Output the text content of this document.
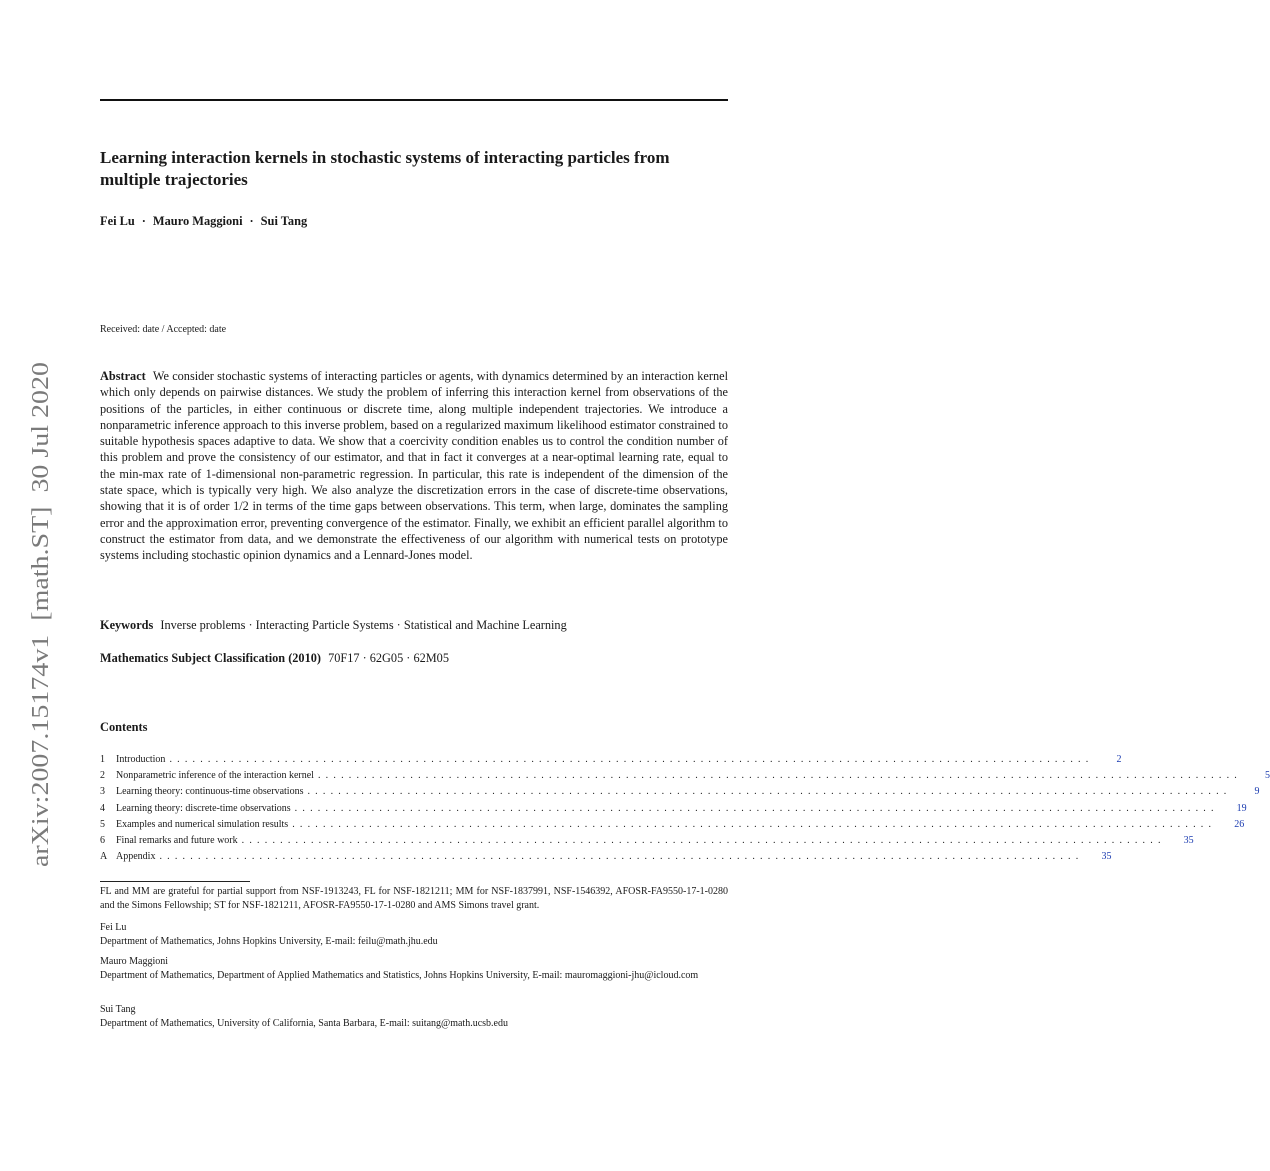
Learning interaction kernels in stochastic systems of interacting particles from multiple trajectories
Fei Lu · Mauro Maggioni · Sui Tang
Received: date / Accepted: date

Abstract We consider stochastic systems of interacting particles or agents, with dynamics determined by an interaction kernel which only depends on pairwise distances. We study the problem of inferring this interaction kernel from observations of the positions of the particles, in either continuous or discrete time, along multiple independent trajectories. We introduce a nonparametric inference approach to this inverse problem, based on a regularized maximum likelihood estimator constrained to suitable hypothesis spaces adaptive to data. We show that a coercivity condition enables us to control the condition number of this problem and prove the consistency of our estimator, and that in fact it converges at a near-optimal learning rate, equal to the min-max rate of 1-dimensional non-parametric regression. In particular, this rate is independent of the dimension of the state space, which is typically very high. We also analyze the discretization errors in the case of discrete-time observations, showing that it is of order 1/2 in terms of the time gaps between observations. This term, when large, dominates the sampling error and the approximation error, preventing convergence of the estimator. Finally, we exhibit an efficient parallel algorithm to construct the estimator from data, and we demonstrate the effectiveness of our algorithm with numerical tests on prototype systems including stochastic opinion dynamics and a Lennard-Jones model.

Keywords Inverse problems · Interacting Particle Systems · Statistical and Machine Learning
Mathematics Subject Classification (2010) 70F17 · 62G05 · 62M05
Contents
1	Introduction ........................................................................................................................	2
2	Nonparametric inference of the interaction kernel ........................................................................................................................	5
3	Learning theory: continuous-time observations ........................................................................................................................	9
4	Learning theory: discrete-time observations ........................................................................................................................	19
5	Examples and numerical simulation results ........................................................................................................................	26
6	Final remarks and future work ........................................................................................................................	35
A Appendix ........................................................................................................................	35

FL and MM are grateful for partial support from NSF-1913243, FL for NSF-1821211; MM for NSF-1837991, NSF-1546392, AFOSR-FA9550-17-1-0280 and the Simons Fellowship; ST for NSF-1821211, AFOSR-FA9550-17-1-0280 and AMS Simons travel grant.

Fei Lu
Department of Mathematics, Johns Hopkins University, E-mail: feilu@math.jhu.edu
Mauro Maggioni
Department of Mathematics, Department of Applied Mathematics and Statistics, Johns Hopkins University, E-mail: mauromaggioni-jhu@icloud.com
Sui Tang
Department of Mathematics, University of California, Santa Barbara, E-mail: suitang@math.ucsb.edu
arXiv:2007.15174v1  [math.ST]  30 Jul 2020
